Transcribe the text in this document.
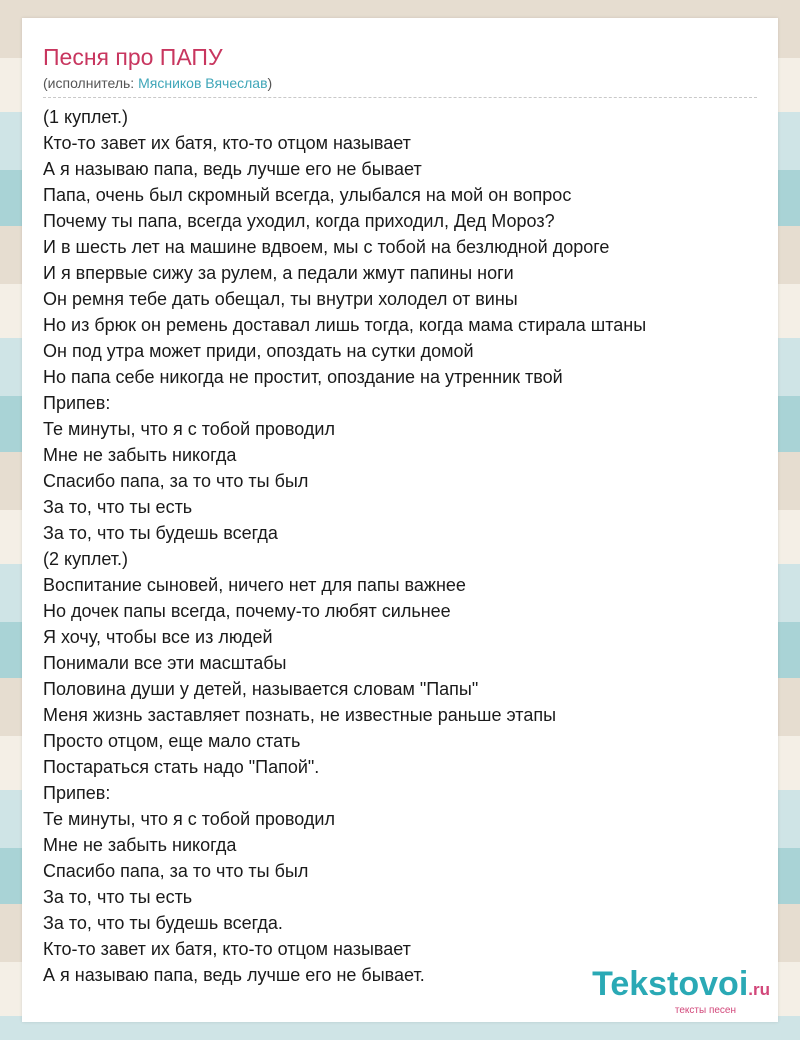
Песня про ПАПУ
(исполнитель: Мясников Вячеслав)
(1 куплет.)
Кто-то завет их батя, кто-то отцом называет
А я называю папа, ведь лучше его не бывает
Папа, очень был скромный всегда, улыбался на мой он вопрос
Почему ты папа, всегда уходил, когда приходил, Дед Мороз?
И в шесть лет на машине вдвоем, мы с тобой на безлюдной дороге
И я впервые сижу за рулем, а педали жмут папины ноги
Он ремня тебе дать обещал, ты внутри холодел от вины
Но из брюк он ремень доставал лишь тогда, когда мама стирала штаны
Он под утра может приди, опоздать на сутки домой
Но папа себе никогда не простит, опоздание на утренник твой
Припев:
Те минуты, что я с тобой проводил
Мне не забыть никогда
Спасибо папа, за то что ты был
За то, что ты есть
За то, что ты будешь всегда
(2 куплет.)
Воспитание сыновей, ничего нет для папы важнее
Но дочек папы всегда, почему-то любят сильнее
Я хочу, чтобы все из людей
Понимали все эти масштабы
Половина души у детей, называется словам "Папы"
Меня жизнь заставляет познать, не известные раньше этапы
Просто отцом, еще мало стать
Постараться стать надо "Папой".
Припев:
Те минуты, что я с тобой проводил
Мне не забыть никогда
Спасибо папа, за то что ты был
За то, что ты есть
За то, что ты будешь всегда.
Кто-то завет их батя, кто-то отцом называет
А я называю папа, ведь лучше его не бывает.	Tekstovoi.ru
тексты песен
